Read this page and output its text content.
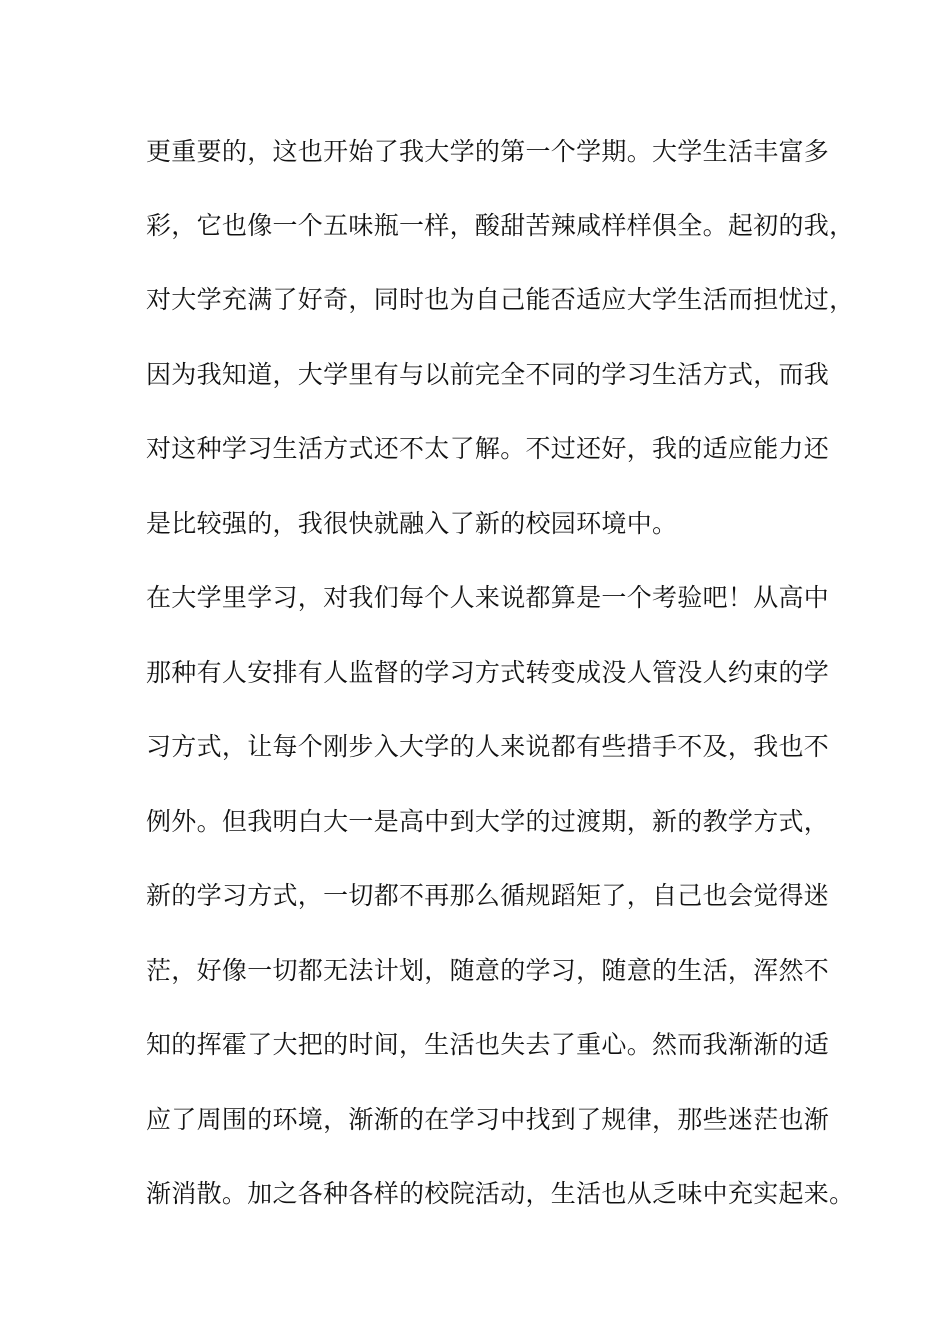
更重要的，这也开始了我大学的第一个学期。大学生活丰富多
彩，它也像一个五味瓶一样，酸甜苦辣咸样样俱全。起初的我，
对大学充满了好奇，同时也为自己能否适应大学生活而担忧过，
因为我知道，大学里有与以前完全不同的学习生活方式，而我
对这种学习生活方式还不太了解。不过还好，我的适应能力还
是比较强的，我很快就融入了新的校园环境中。
在大学里学习，对我们每个人来说都算是一个考验吧！从高中
那种有人安排有人监督的学习方式转变成没人管没人约束的学
习方式，让每个刚步入大学的人来说都有些措手不及，我也不
例外。但我明白大一是高中到大学的过渡期，新的教学方式，
新的学习方式，一切都不再那么循规蹈矩了，自己也会觉得迷
茫，好像一切都无法计划，随意的学习，随意的生活，浑然不
知的挥霍了大把的时间，生活也失去了重心。然而我渐渐的适
应了周围的环境，渐渐的在学习中找到了规律，那些迷茫也渐
渐消散。加之各种各样的校院活动，生活也从乏味中充实起来。
